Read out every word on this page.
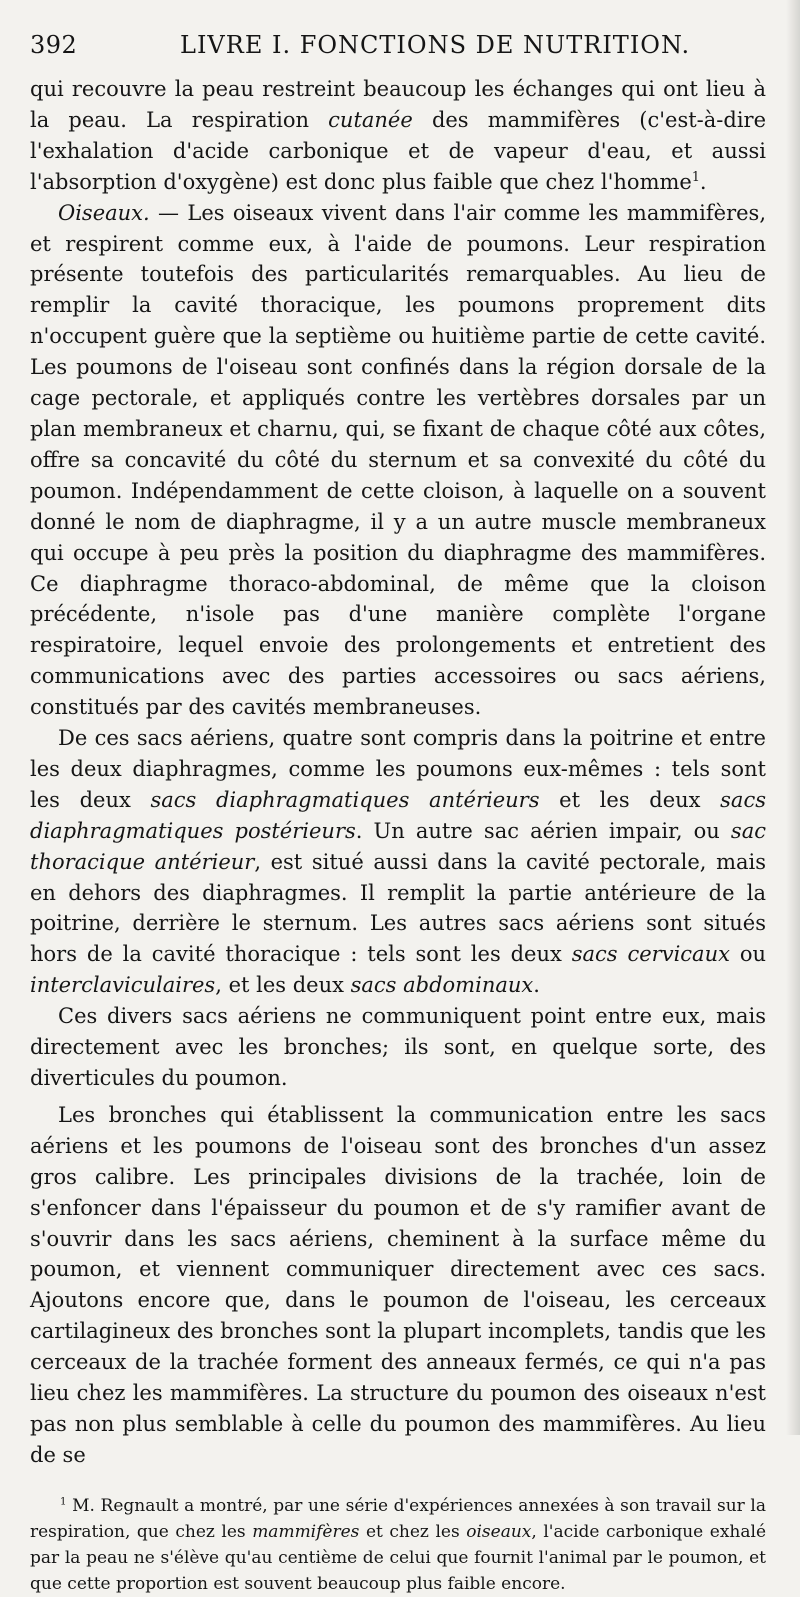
392	LIVRE I. FONCTIONS DE NUTRITION.

qui recouvre la peau restreint beaucoup les échanges qui ont lieu à la peau. La respiration cutanée des mammifères (c'est-à-dire l'exhalation d'acide carbonique et de vapeur d'eau, et aussi l'absorption d'oxygène) est donc plus faible que chez l'homme$^1$.

Oiseaux. — Les oiseaux vivent dans l'air comme les mammifères, et respirent comme eux, à l'aide de poumons. Leur respiration présente toutefois des particularités remarquables. Au lieu de remplir la cavité thoracique, les poumons proprement dits n'occupent guère que la septième ou huitième partie de cette cavité. Les poumons de l'oiseau sont confinés dans la région dorsale de la cage pectorale, et appliqués contre les vertèbres dorsales par un plan membraneux et charnu, qui, se fixant de chaque côté aux côtes, offre sa concavité du côté du sternum et sa convexité du côté du poumon. Indépendamment de cette cloison, à laquelle on a souvent donné le nom de diaphragme, il y a un autre muscle membraneux qui occupe à peu près la position du diaphragme des mammifères. Ce diaphragme thoraco-abdominal, de même que la cloison précédente, n'isole pas d'une manière complète l'organe respiratoire, lequel envoie des prolongements et entretient des communications avec des parties accessoires ou sacs aériens, constitués par des cavités membraneuses.

De ces sacs aériens, quatre sont compris dans la poitrine et entre les deux diaphragmes, comme les poumons eux-mêmes : tels sont les deux sacs diaphragmatiques antérieurs et les deux sacs diaphragmatiques postérieurs. Un autre sac aérien impair, ou sac thoracique antérieur, est situé aussi dans la cavité pectorale, mais en dehors des diaphragmes. Il remplit la partie antérieure de la poitrine, derrière le sternum. Les autres sacs aériens sont situés hors de la cavité thoracique : tels sont les deux sacs cervicaux ou interclaviculaires, et les deux sacs abdominaux.

Ces divers sacs aériens ne communiquent point entre eux, mais directement avec les bronches; ils sont, en quelque sorte, des diverticules du poumon.

Les bronches qui établissent la communication entre les sacs aériens et les poumons de l'oiseau sont des bronches d'un assez gros calibre. Les principales divisions de la trachée, loin de s'enfoncer dans l'épaisseur du poumon et de s'y ramifier avant de s'ouvrir dans les sacs aériens, cheminent à la surface même du poumon, et viennent communiquer directement avec ces sacs. Ajoutons encore que, dans le poumon de l'oiseau, les cerceaux cartilagineux des bronches sont la plupart incomplets, tandis que les cerceaux de la trachée forment des anneaux fermés, ce qui n'a pas lieu chez les mammifères. La structure du poumon des oiseaux n'est pas non plus semblable à celle du poumon des mammifères. Au lieu de se

$^1$ M. Regnault a montré, par une série d'expériences annexées à son travail sur la respiration, que chez les mammifères et chez les oiseaux, l'acide carbonique exhalé par la peau ne s'élève qu'au centième de celui que fournit l'animal par le poumon, et que cette proportion est souvent beaucoup plus faible encore.
